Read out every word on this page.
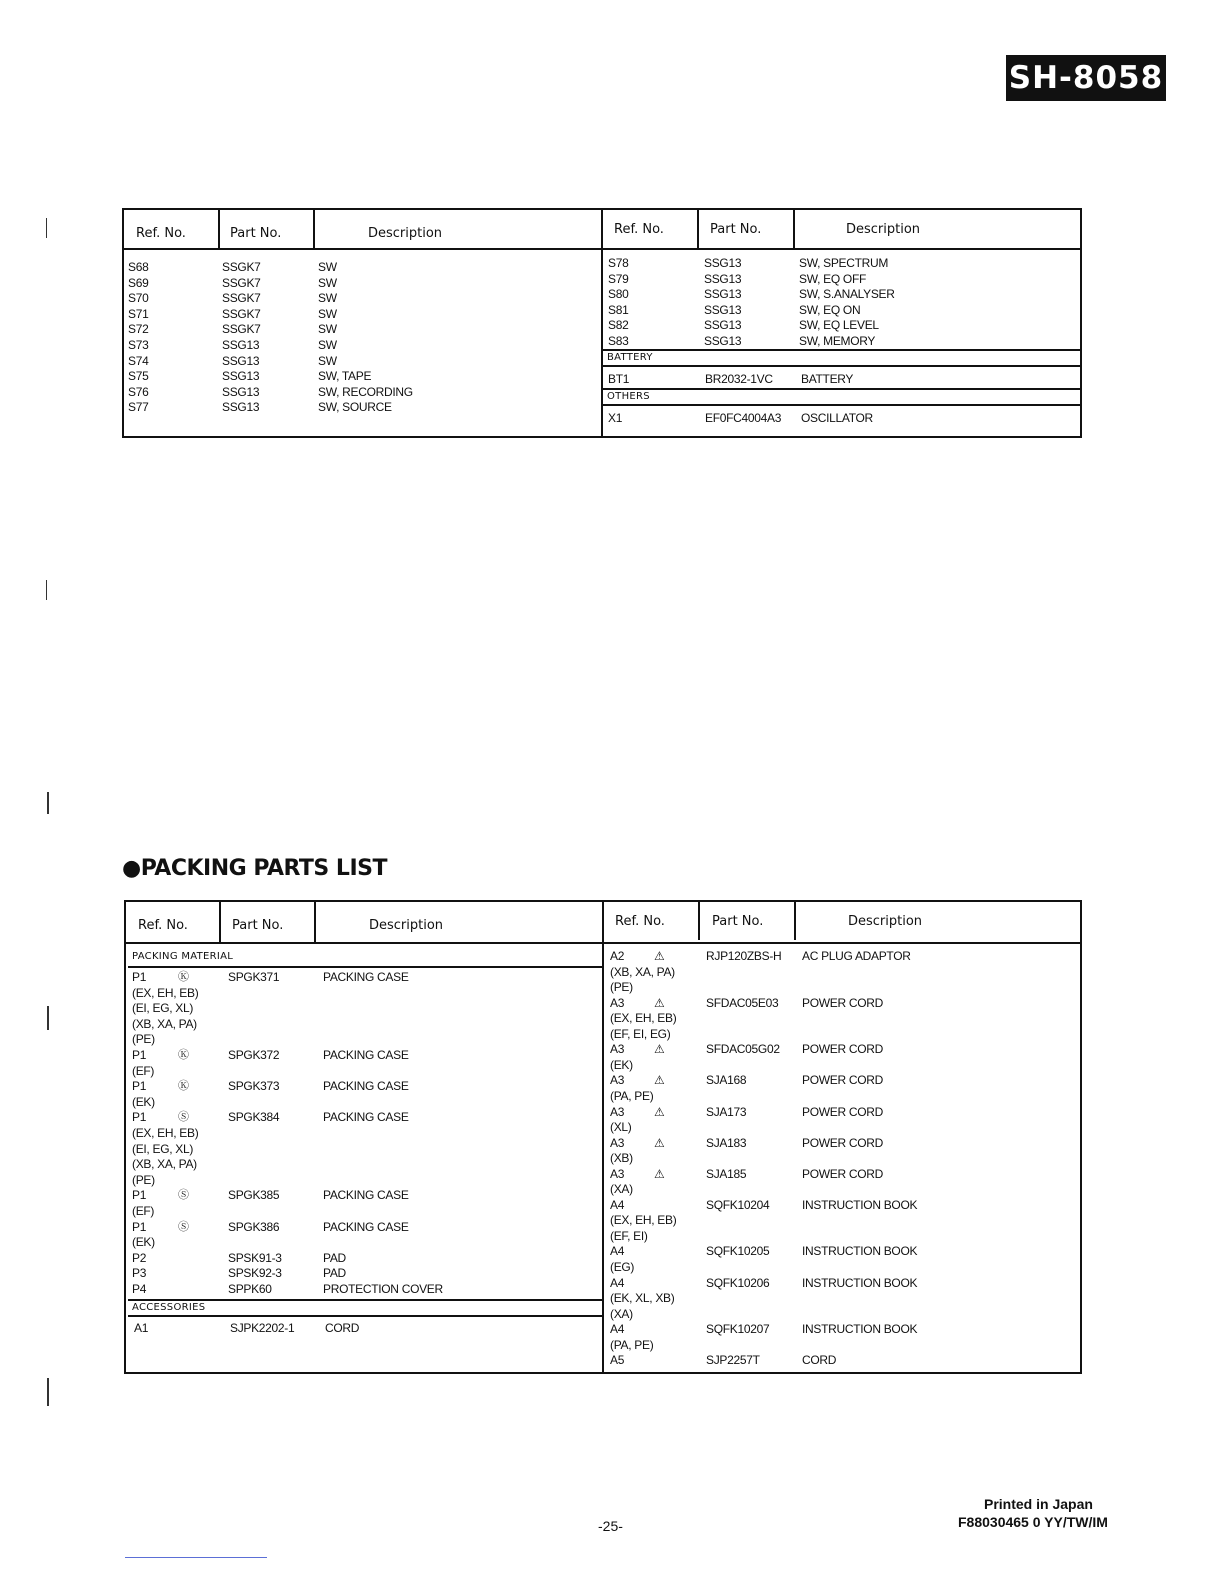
SH-8058
Ref. No.	Part No.	Description	Ref. No.	Part No.	Description
S68	SSGK7	SW
S69	SSGK7	SW
S70	SSGK7	SW
S71	SSGK7	SW
S72	SSGK7	SW
S73	SSG13	SW
S74	SSG13	SW
S75	SSG13	SW, TAPE
S76	SSG13	SW, RECORDING
S77	SSG13	SW, SOURCE
S78	SSG13	SW, SPECTRUM
S79	SSG13	SW, EQ OFF
S80	SSG13	SW, S.ANALYSER
S81	SSG13	SW, EQ ON
S82	SSG13	SW, EQ LEVEL
S83	SSG13	SW, MEMORY
BATTERY
BT1	BR2032-1VC BATTERY
OTHERS
X1	EF0FC4004A3 OSCILLATOR
●PACKING PARTS LIST
Ref. No.	Part No.	Description	Ref. No.	Part No.	Description
PACKING MATERIAL
P1	Ⓚ	SPGK371	PACKING CASE
(EX, EH, EB)
(EI, EG, XL)
(XB, XA, PA)
(PE)
P1	Ⓚ	SPGK372	PACKING CASE
(EF)
P1	Ⓚ	SPGK373	PACKING CASE
(EK)
P1	Ⓢ	SPGK384	PACKING CASE
(EX, EH, EB)
(EI, EG, XL)
(XB, XA, PA)
(PE)
P1	Ⓢ	SPGK385	PACKING CASE
(EF)
P1	Ⓢ	SPGK386	PACKING CASE
(EK)
P2	SPSK91-3	PAD
P3	SPSK92-3	PAD
P4	SPPK60	PROTECTION COVER
ACCESSORIES
A1	SJPK2202-1	CORD
A2 ⚠	RJP120ZBS-H AC PLUG ADAPTOR
(XB, XA, PA)
(PE)
A3 ⚠	SFDAC05E03 POWER CORD
(EX, EH, EB)
(EF, EI, EG)
A3 ⚠	SFDAC05G02 POWER CORD
(EK)
A3 ⚠	SJA168	POWER CORD
(PA, PE)
A3 ⚠	SJA173	POWER CORD
(XL)
A3 ⚠	SJA183	POWER CORD
(XB)
A3 ⚠	SJA185	POWER CORD
(XA)
A4	SQFK10204	INSTRUCTION BOOK
(EX, EH, EB)
(EF, EI)
A4	SQFK10205	INSTRUCTION BOOK
(EG)
A4	SQFK10206	INSTRUCTION BOOK
(EK, XL, XB)
(XA)
A4	SQFK10207	INSTRUCTION BOOK
(PA, PE)
A5	SJP2257T	CORD
-25-
Printed in Japan
F88030465 0 YY/TW/IM
